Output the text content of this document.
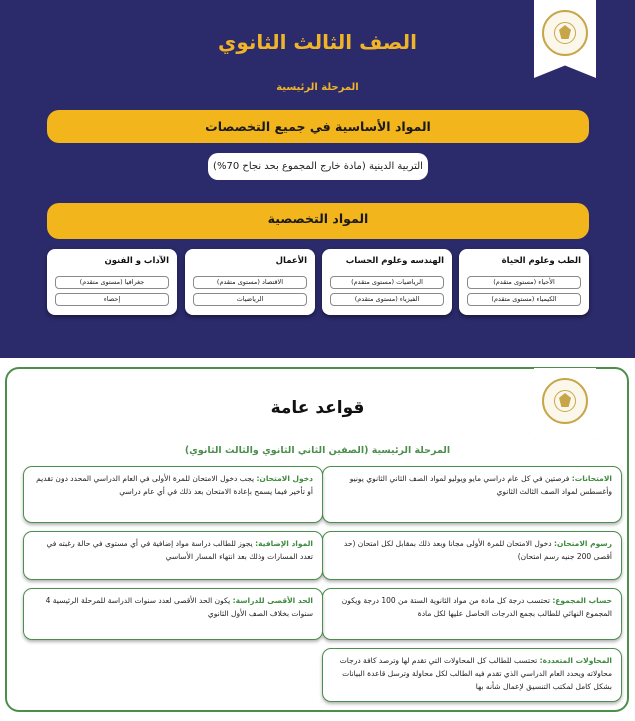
الصف الثالث الثانوي
المرحلة الرئيسية
المواد الأساسية في جميع التخصصات
التربية الدينية (مادة خارج المجموع بحد نجاح 70%)
المواد التخصصية
الطب وعلوم الحياة
الأحياء (مستوى متقدم)
الكيمياء (مستوى متقدم)
الهندسه وعلوم الحساب
الرياضيات (مستوى متقدم)
الفيزياء (مستوى متقدم)
الأعمال
الاقتصاد (مستوى متقدم)
الرياضيات
الآداب و الفنون
جغرافيا (مستوى متقدم)
إحصاء
قواعد عامة
المرحلة الرئيسية (الصفين الثاني الثانوي والثالث الثانوي)
الامتحانات: فرصتين في كل عام دراسي مايو ويوليو لمواد الصف الثاني الثانوي يونيو وأغسطس لمواد الصف الثالث الثانوي
رسوم الامتحان: دخول الامتحان للمرة الأولى مجانا وبعد ذلك بمقابل لكل امتحان (حد أقصى 200 جنيه رسم امتحان)
حساب المجموع: تحتسب درجة كل مادة من مواد الثانوية الستة من 100 درجة ويكون المجموع النهائي للطالب بجمع الدرجات الحاصل عليها لكل مادة
المحاولات المتعددة: تحتسب للطالب كل المحاولات التي تقدم لها وترصد كافة درجات محاولاته ويحدد العام الدراسي الذي تقدم فيه الطالب لكل محاولة وترسل قاعدة البيانات بشكل كامل لمكتب التنسيق لإعمال شأنه بها
دخول الامتحان: يجب دخول الامتحان للمرة الأولى في العام الدراسي المحدد دون تقديم أو تأخير فيما يسمح بإعادة الامتحان بعد ذلك في أي عام دراسي
المواد الإضافية: يجوز للطالب دراسة مواد إضافية في أي مستوى في حالة رغبته في تعدد المسارات وذلك بعد انتهاء المسار الأساسي
الحد الأقصى للدراسة: يكون الحد الأقصى لعدد سنوات الدراسة للمرحلة الرئيسية 4 سنوات بخلاف الصف الأول الثانوي
